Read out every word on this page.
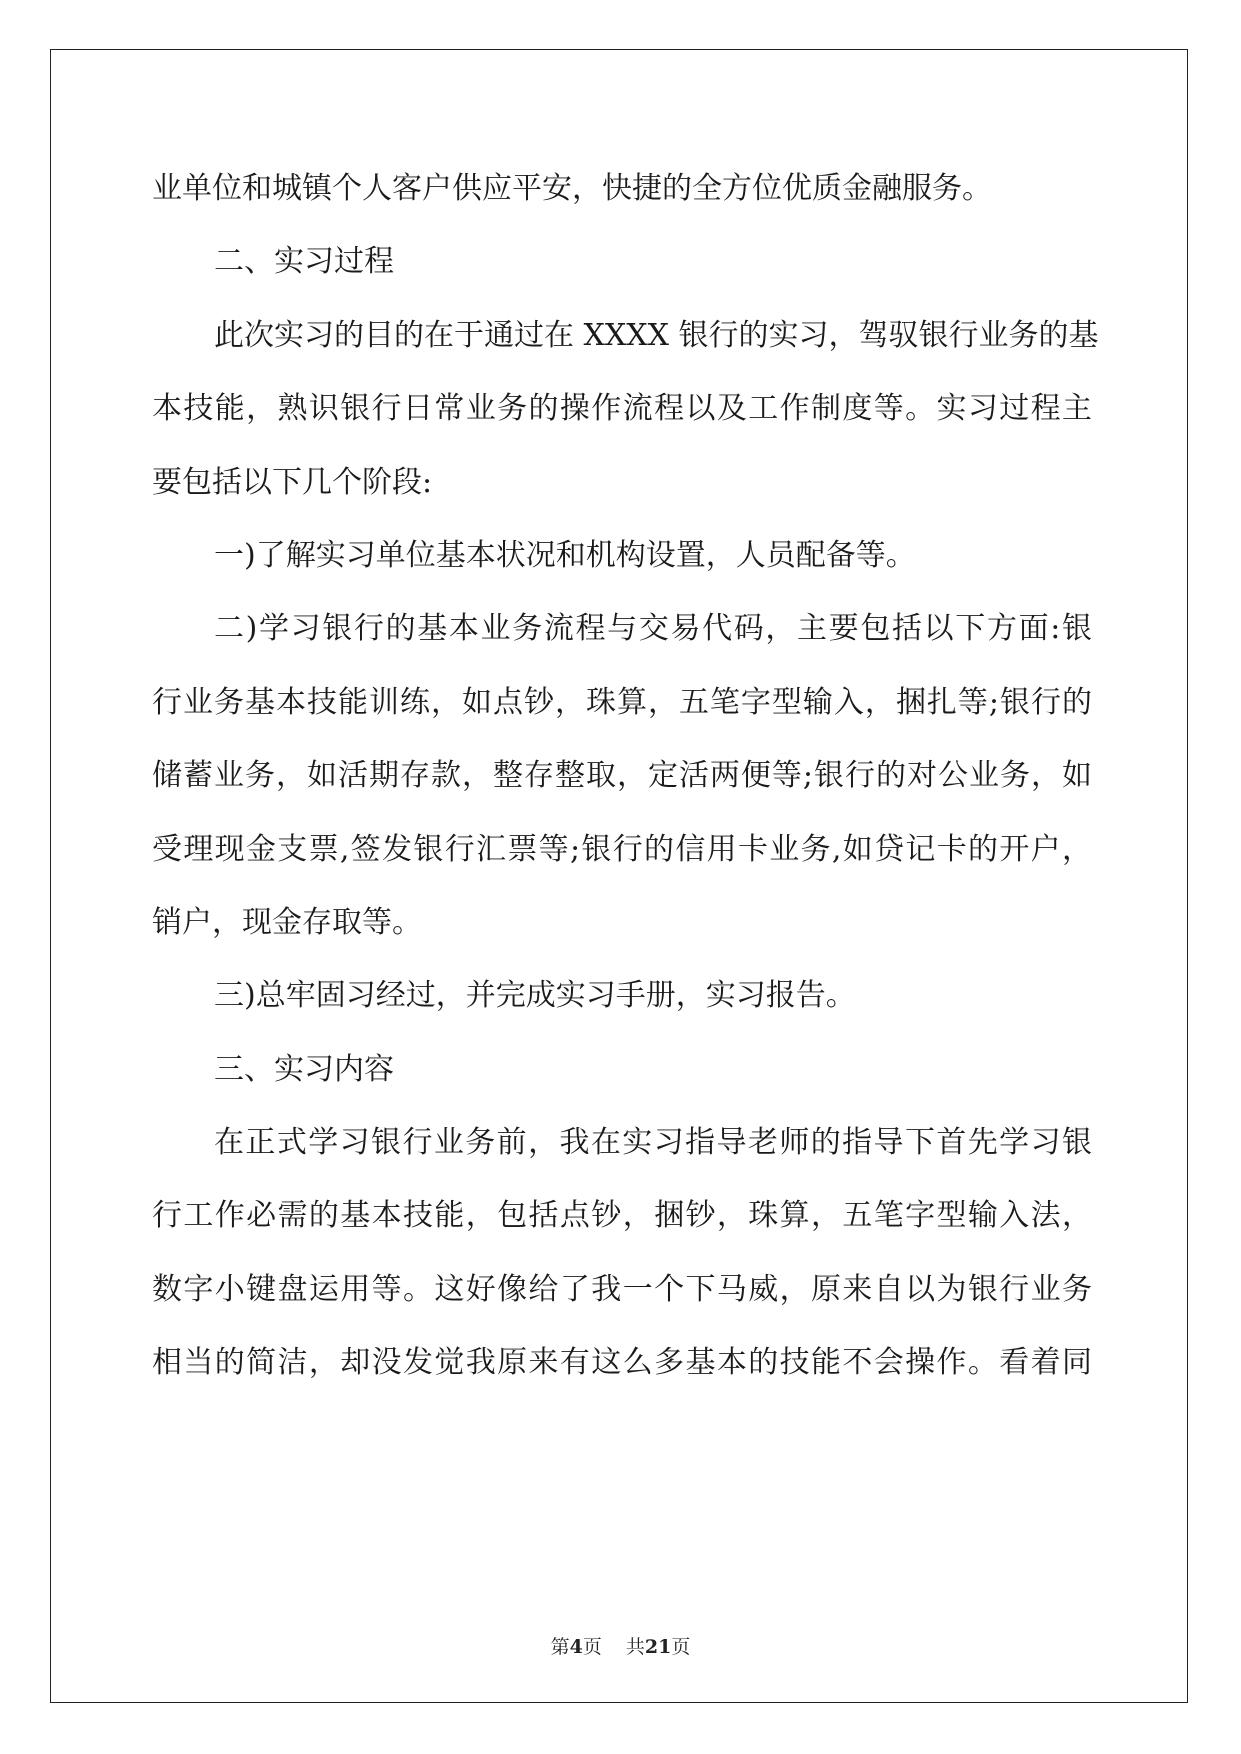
业单位和城镇个人客户供应平安，快捷的全方位优质金融服务。
二、实习过程
此次实习的目的在于通过在 XXXX 银行的实习，驾驭银行业务的基
本技能，熟识银行日常业务的操作流程以及工作制度等。实习过程主
要包括以下几个阶段:
一)了解实习单位基本状况和机构设置，人员配备等。
二)学习银行的基本业务流程与交易代码，主要包括以下方面:银
行业务基本技能训练，如点钞，珠算，五笔字型输入，捆扎等;银行的
储蓄业务，如活期存款，整存整取，定活两便等;银行的对公业务，如
受理现金支票,签发银行汇票等;银行的信用卡业务,如贷记卡的开户，
销户，现金存取等。
三)总牢固习经过，并完成实习手册，实习报告。
三、实习内容
在正式学习银行业务前，我在实习指导老师的指导下首先学习银
行工作必需的基本技能，包括点钞，捆钞，珠算，五笔字型输入法，
数字小键盘运用等。这好像给了我一个下马威，原来自以为银行业务
相当的简洁，却没发觉我原来有这么多基本的技能不会操作。看着同
第4页 共21页
